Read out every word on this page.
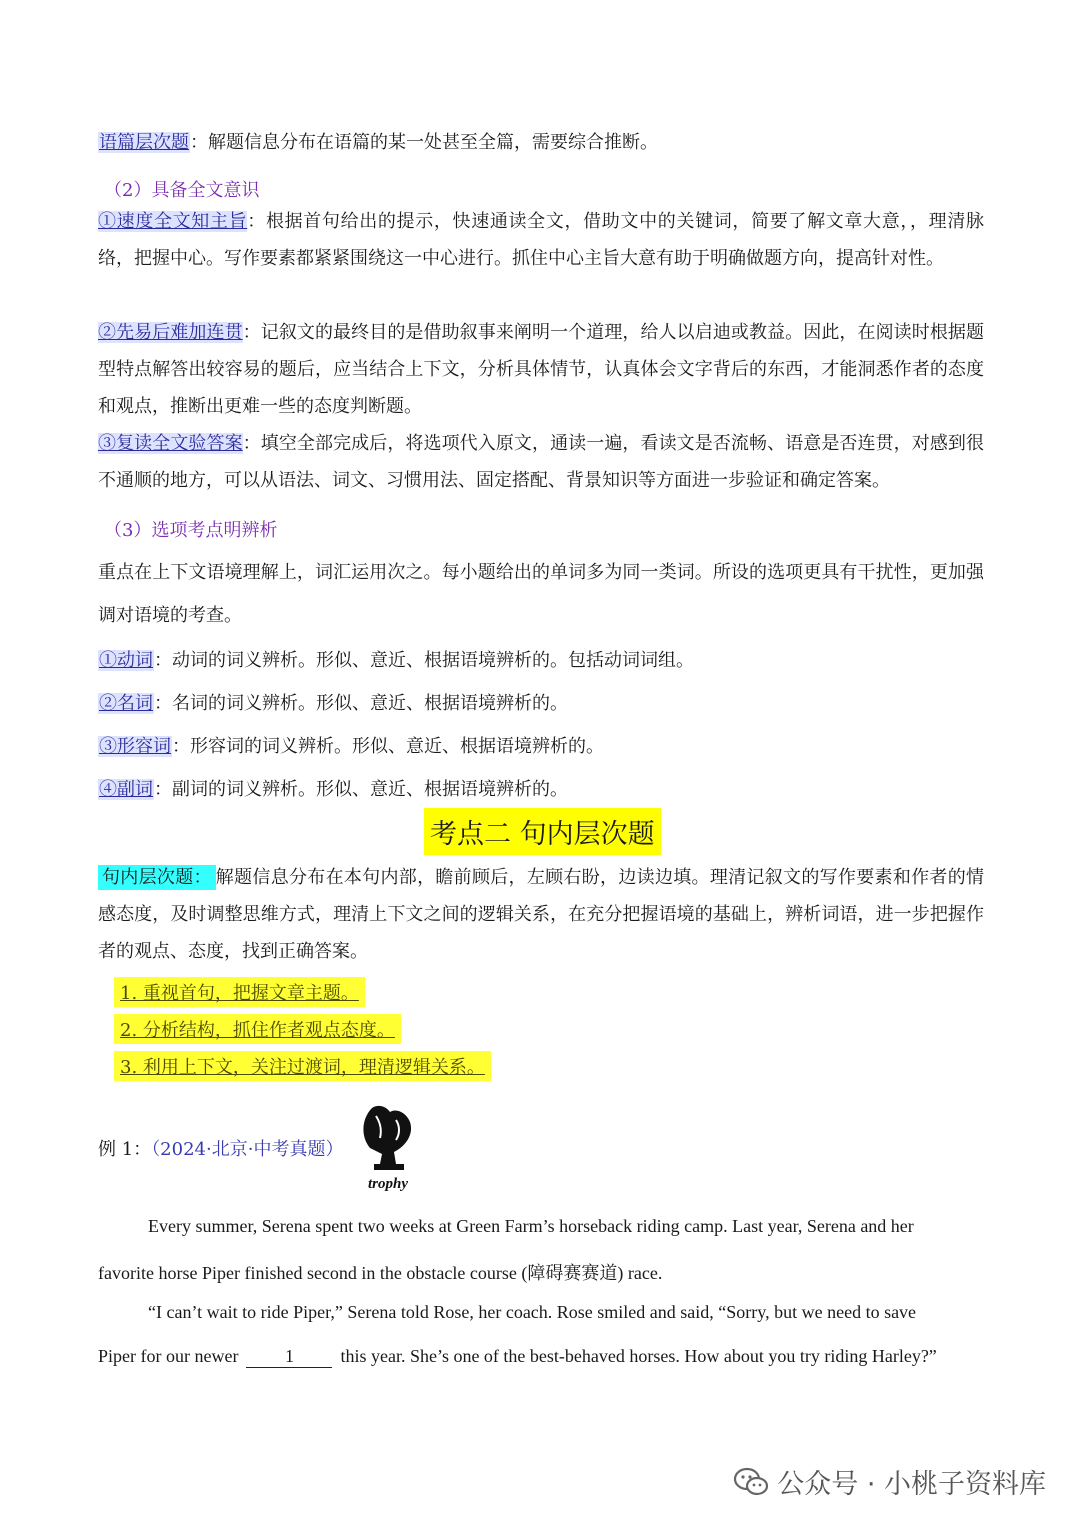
语篇层次题：解题信息分布在语篇的某一处甚至全篇，需要综合推断。
（2）具备全文意识
①速度全文知主旨：根据首句给出的提示，快速通读全文，借助文中的关键词，简要了解文章大意，，理清脉络，把握中心。写作要素都紧紧围绕这一中心进行。抓住中心主旨大意有助于明确做题方向，提高针对性。
②先易后难加连贯：记叙文的最终目的是借助叙事来阐明一个道理，给人以启迪或教益。因此，在阅读时根据题型特点解答出较容易的题后，应当结合上下文，分析具体情节，认真体会文字背后的东西，才能洞悉作者的态度和观点，推断出更难一些的态度判断题。
③复读全文验答案：填空全部完成后，将选项代入原文，通读一遍，看读文是否流畅、语意是否连贯，对感到很不通顺的地方，可以从语法、词文、习惯用法、固定搭配、背景知识等方面进一步验证和确定答案。
（3）选项考点明辨析
重点在上下文语境理解上，词汇运用次之。每小题给出的单词多为同一类词。所设的选项更具有干扰性，更加强调对语境的考查。
①动词：动词的词义辨析。形似、意近、根据语境辨析的。包括动词词组。
②名词：名词的词义辨析。形似、意近、根据语境辨析的。
③形容词：形容词的词义辨析。形似、意近、根据语境辨析的。
④副词：副词的词义辨析。形似、意近、根据语境辨析的。
考点二 句内层次题
句内层次题： 解题信息分布在本句内部，瞻前顾后，左顾右盼，边读边填。理清记叙文的写作要素和作者的情感态度，及时调整思维方式，理清上下文之间的逻辑关系，在充分把握语境的基础上，辨析词语，进一步把握作者的观点、态度，找到正确答案。
1. 重视首句，把握文章主题。
2. 分析结构，抓住作者观点态度。
3. 利用上下文，关注过渡词，理清逻辑关系。
例 1：（2024·北京·中考真题）
trophy
Every summer, Serena spent two weeks at Green Farm’s horseback riding camp. Last year, Serena and her
favorite horse Piper finished second in the obstacle course (障碍赛赛道) race.
“I can’t wait to ride Piper,” Serena told Rose, her coach. Rose smiled and said, “Sorry, but we need to save
Piper for our newer	1	this year. She’s one of the best-behaved horses. How about you try riding Harley?”
公众号 · 小桃子资料库
